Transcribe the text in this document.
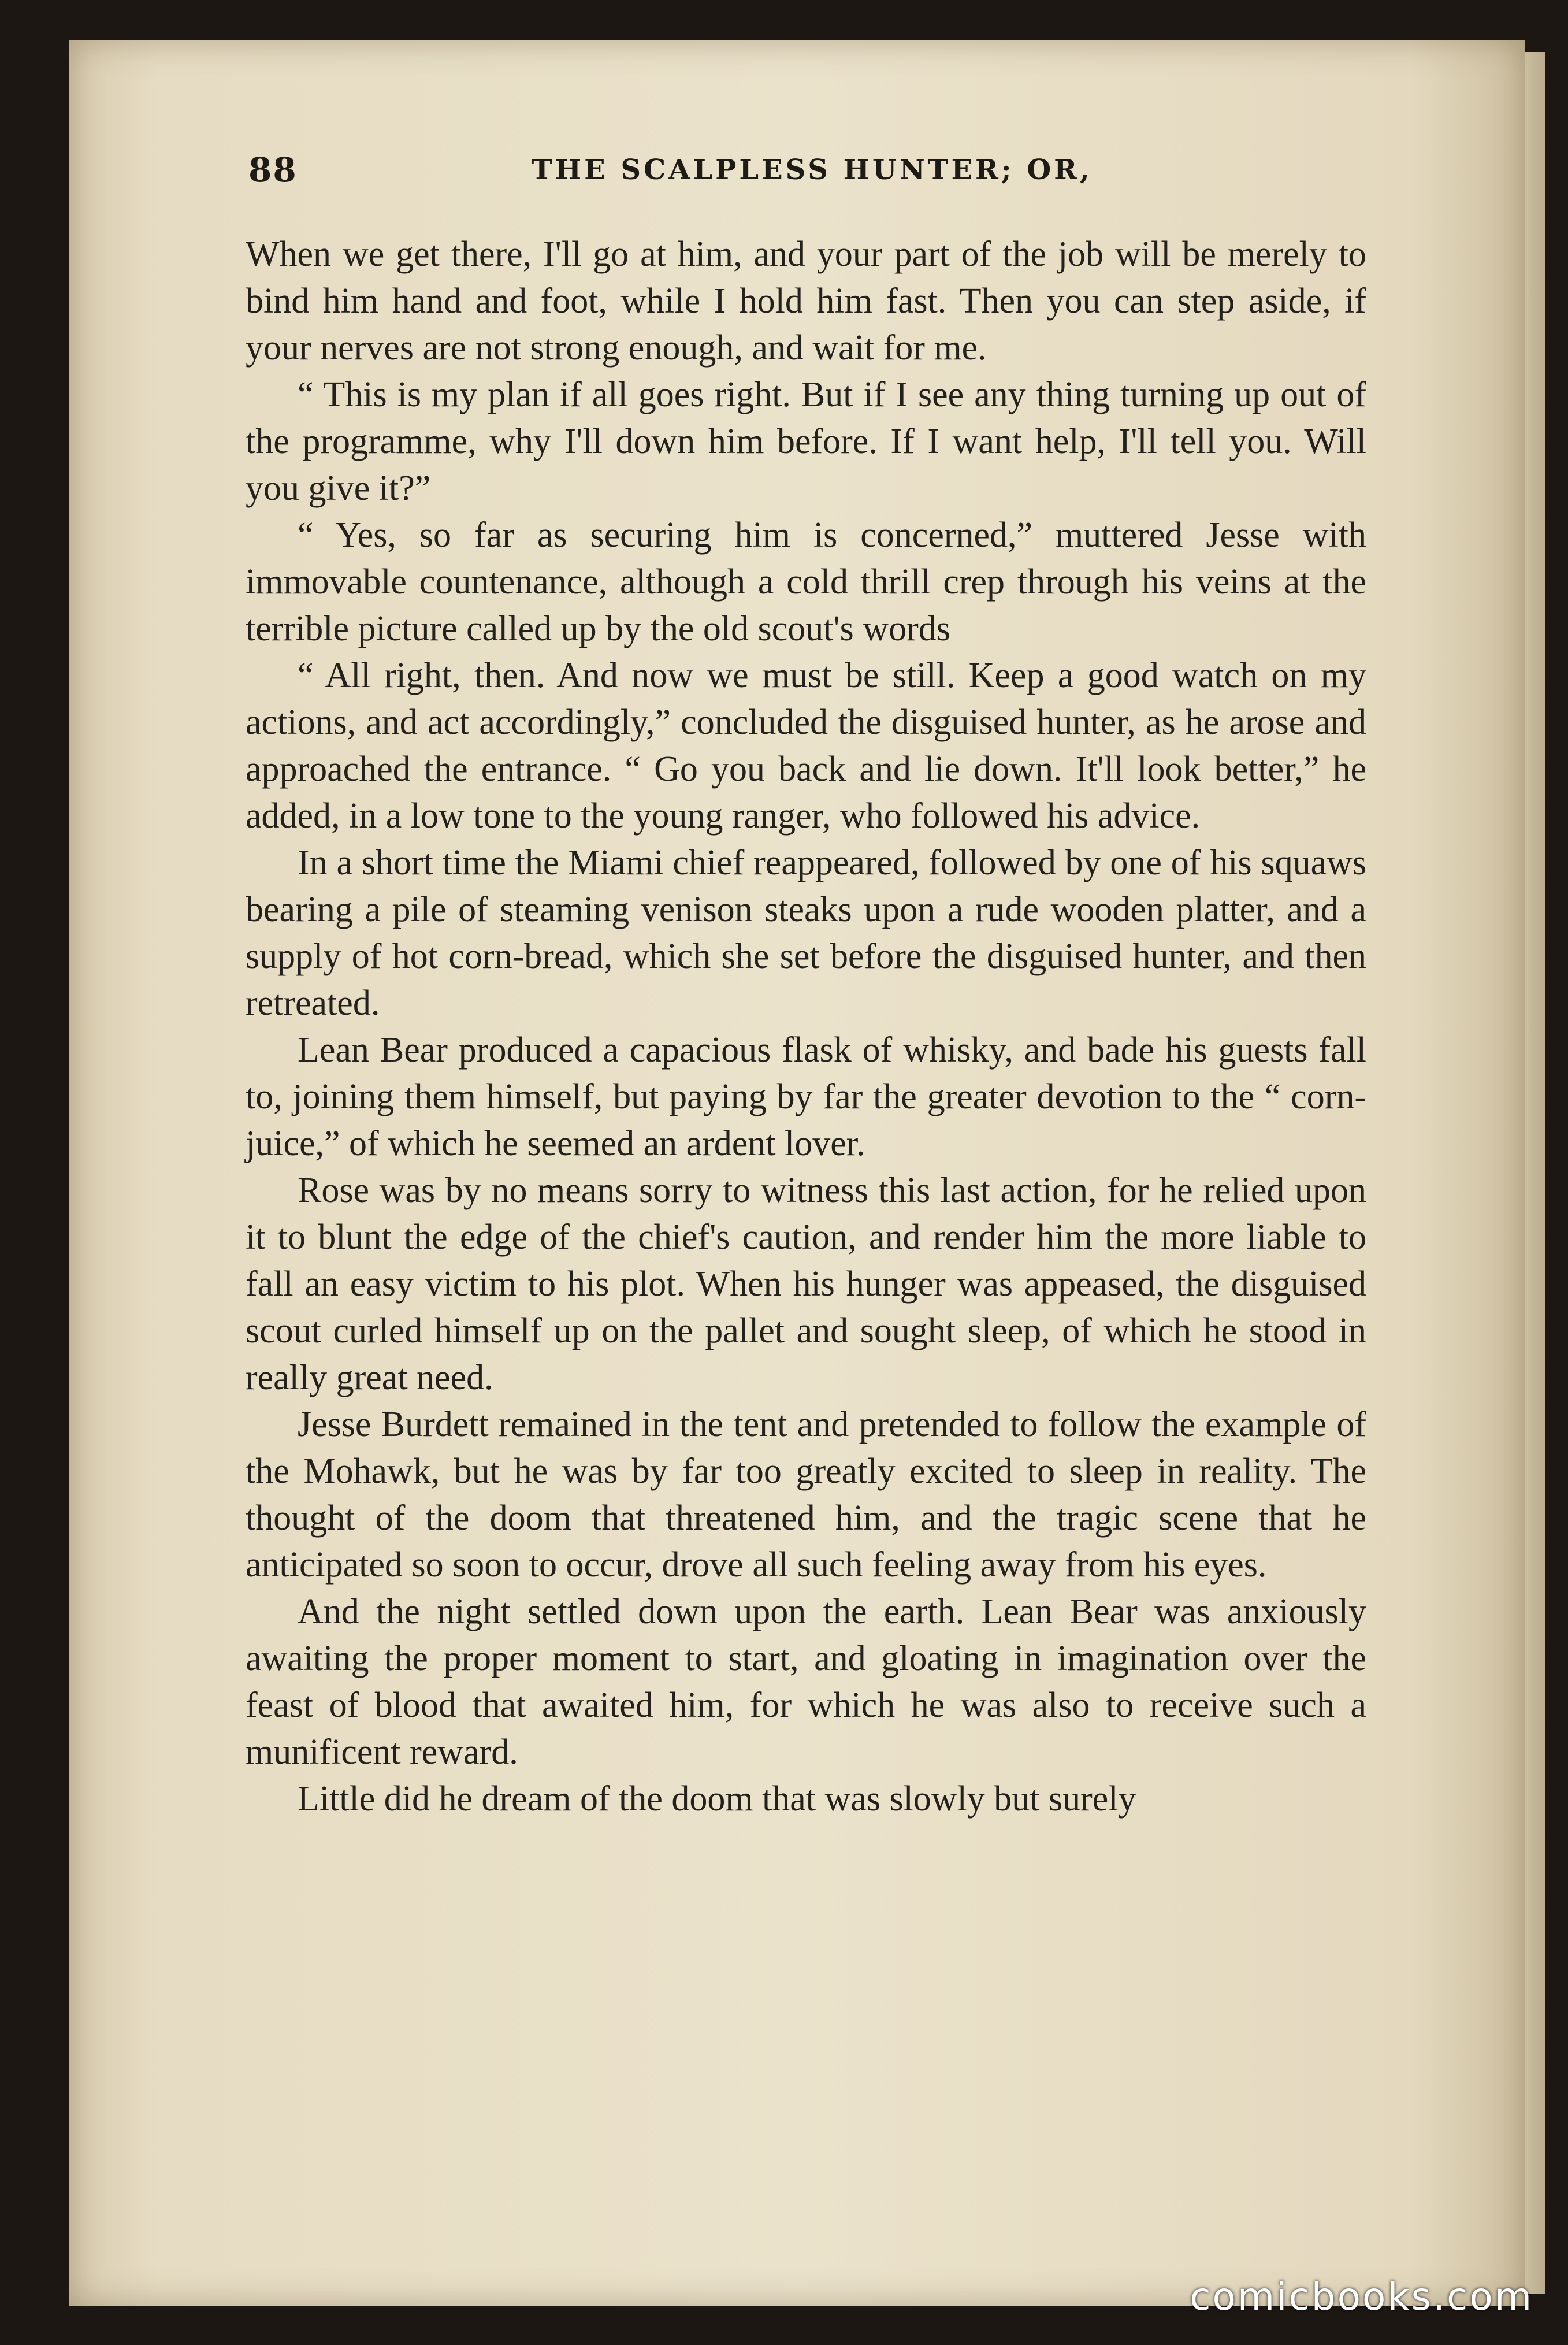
88	THE SCALPLESS HUNTER; OR,

When we get there, I'll go at him, and your part of the job will be merely to bind him hand and foot, while I hold him fast. Then you can step aside, if your nerves are not strong enough, and wait for me.

“ This is my plan if all goes right. But if I see any thing turning up out of the programme, why I'll down him before. If I want help, I'll tell you. Will you give it?”

“ Yes, so far as securing him is concerned,” muttered Jesse with immovable countenance, although a cold thrill crep through his veins at the terrible picture called up by the old scout's words

“ All right, then. And now we must be still. Keep a good watch on my actions, and act accordingly,” concluded the disguised hunter, as he arose and approached the entrance. “ Go you back and lie down. It'll look better,” he added, in a low tone to the young ranger, who followed his advice.

In a short time the Miami chief reappeared, followed by one of his squaws bearing a pile of steaming venison steaks upon a rude wooden platter, and a supply of hot corn-bread, which she set before the disguised hunter, and then retreated.

Lean Bear produced a capacious flask of whisky, and bade his guests fall to, joining them himself, but paying by far the greater devotion to the “ corn-juice,” of which he seemed an ardent lover.

Rose was by no means sorry to witness this last action, for he relied upon it to blunt the edge of the chief's caution, and render him the more liable to fall an easy victim to his plot. When his hunger was appeased, the disguised scout curled himself up on the pallet and sought sleep, of which he stood in really great need.

Jesse Burdett remained in the tent and pretended to follow the example of the Mohawk, but he was by far too greatly excited to sleep in reality. The thought of the doom that threatened him, and the tragic scene that he anticipated so soon to occur, drove all such feeling away from his eyes.

And the night settled down upon the earth. Lean Bear was anxiously awaiting the proper moment to start, and gloating in imagination over the feast of blood that awaited him, for which he was also to receive such a munificent reward.

Little did he dream of the doom that was slowly but surely

comicbooks.com
